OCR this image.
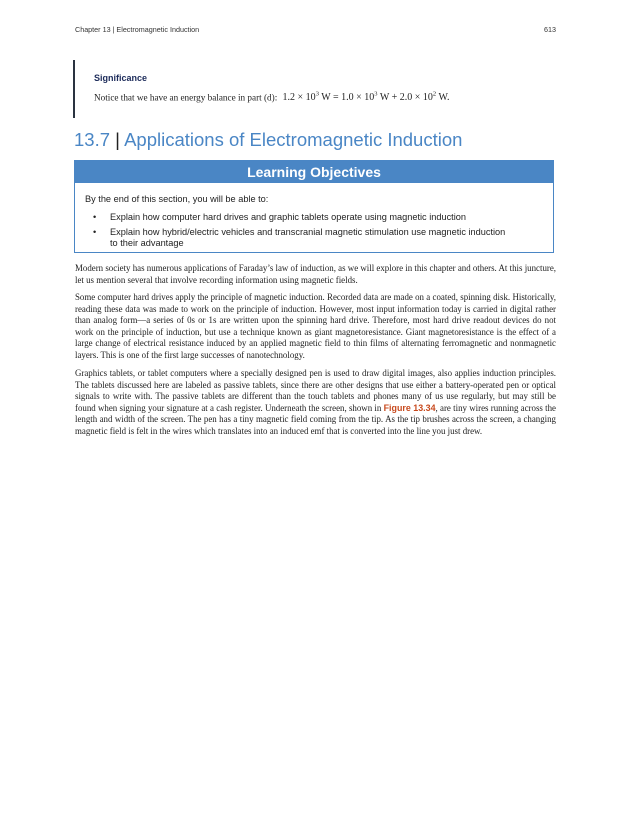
Chapter 13 | Electromagnetic Induction	613
Significance
Notice that we have an energy balance in part (d): $1.2 \times 10^3$ $W = 1.0 \times 10^3$ $W + 2.0 \times 10^2$ W.
13.7 | Applications of Electromagnetic Induction
Learning Objectives
By the end of this section, you will be able to:
• Explain how computer hard drives and graphic tablets operate using magnetic induction
• Explain how hybrid/electric vehicles and transcranial magnetic stimulation use magnetic induction to their advantage

Modern society has numerous applications of Faraday’s law of induction, as we will explore in this chapter and others. At this juncture, let us mention several that involve recording information using magnetic fields.

Some computer hard drives apply the principle of magnetic induction. Recorded data are made on a coated, spinning disk. Historically, reading these data was made to work on the principle of induction. However, most input information today is carried in digital rather than analog form—a series of 0s or 1s are written upon the spinning hard drive. Therefore, most hard drive readout devices do not work on the principle of induction, but use a technique known as giant magnetoresistance. Giant magnetoresistance is the effect of a large change of electrical resistance induced by an applied magnetic field to thin films of alternating ferromagnetic and nonmagnetic layers. This is one of the first large successes of nanotechnology.

Graphics tablets, or tablet computers where a specially designed pen is used to draw digital images, also applies induction principles. The tablets discussed here are labeled as passive tablets, since there are other designs that use either a battery-operated pen or optical signals to write with. The passive tablets are different than the touch tablets and phones many of us use regularly, but may still be found when signing your signature at a cash register. Underneath the screen, shown in Figure 13.34, are tiny wires running across the length and width of the screen. The pen has a tiny magnetic field coming from the tip. As the tip brushes across the screen, a changing magnetic field is felt in the wires which translates into an induced emf that is converted into the line you just drew.
